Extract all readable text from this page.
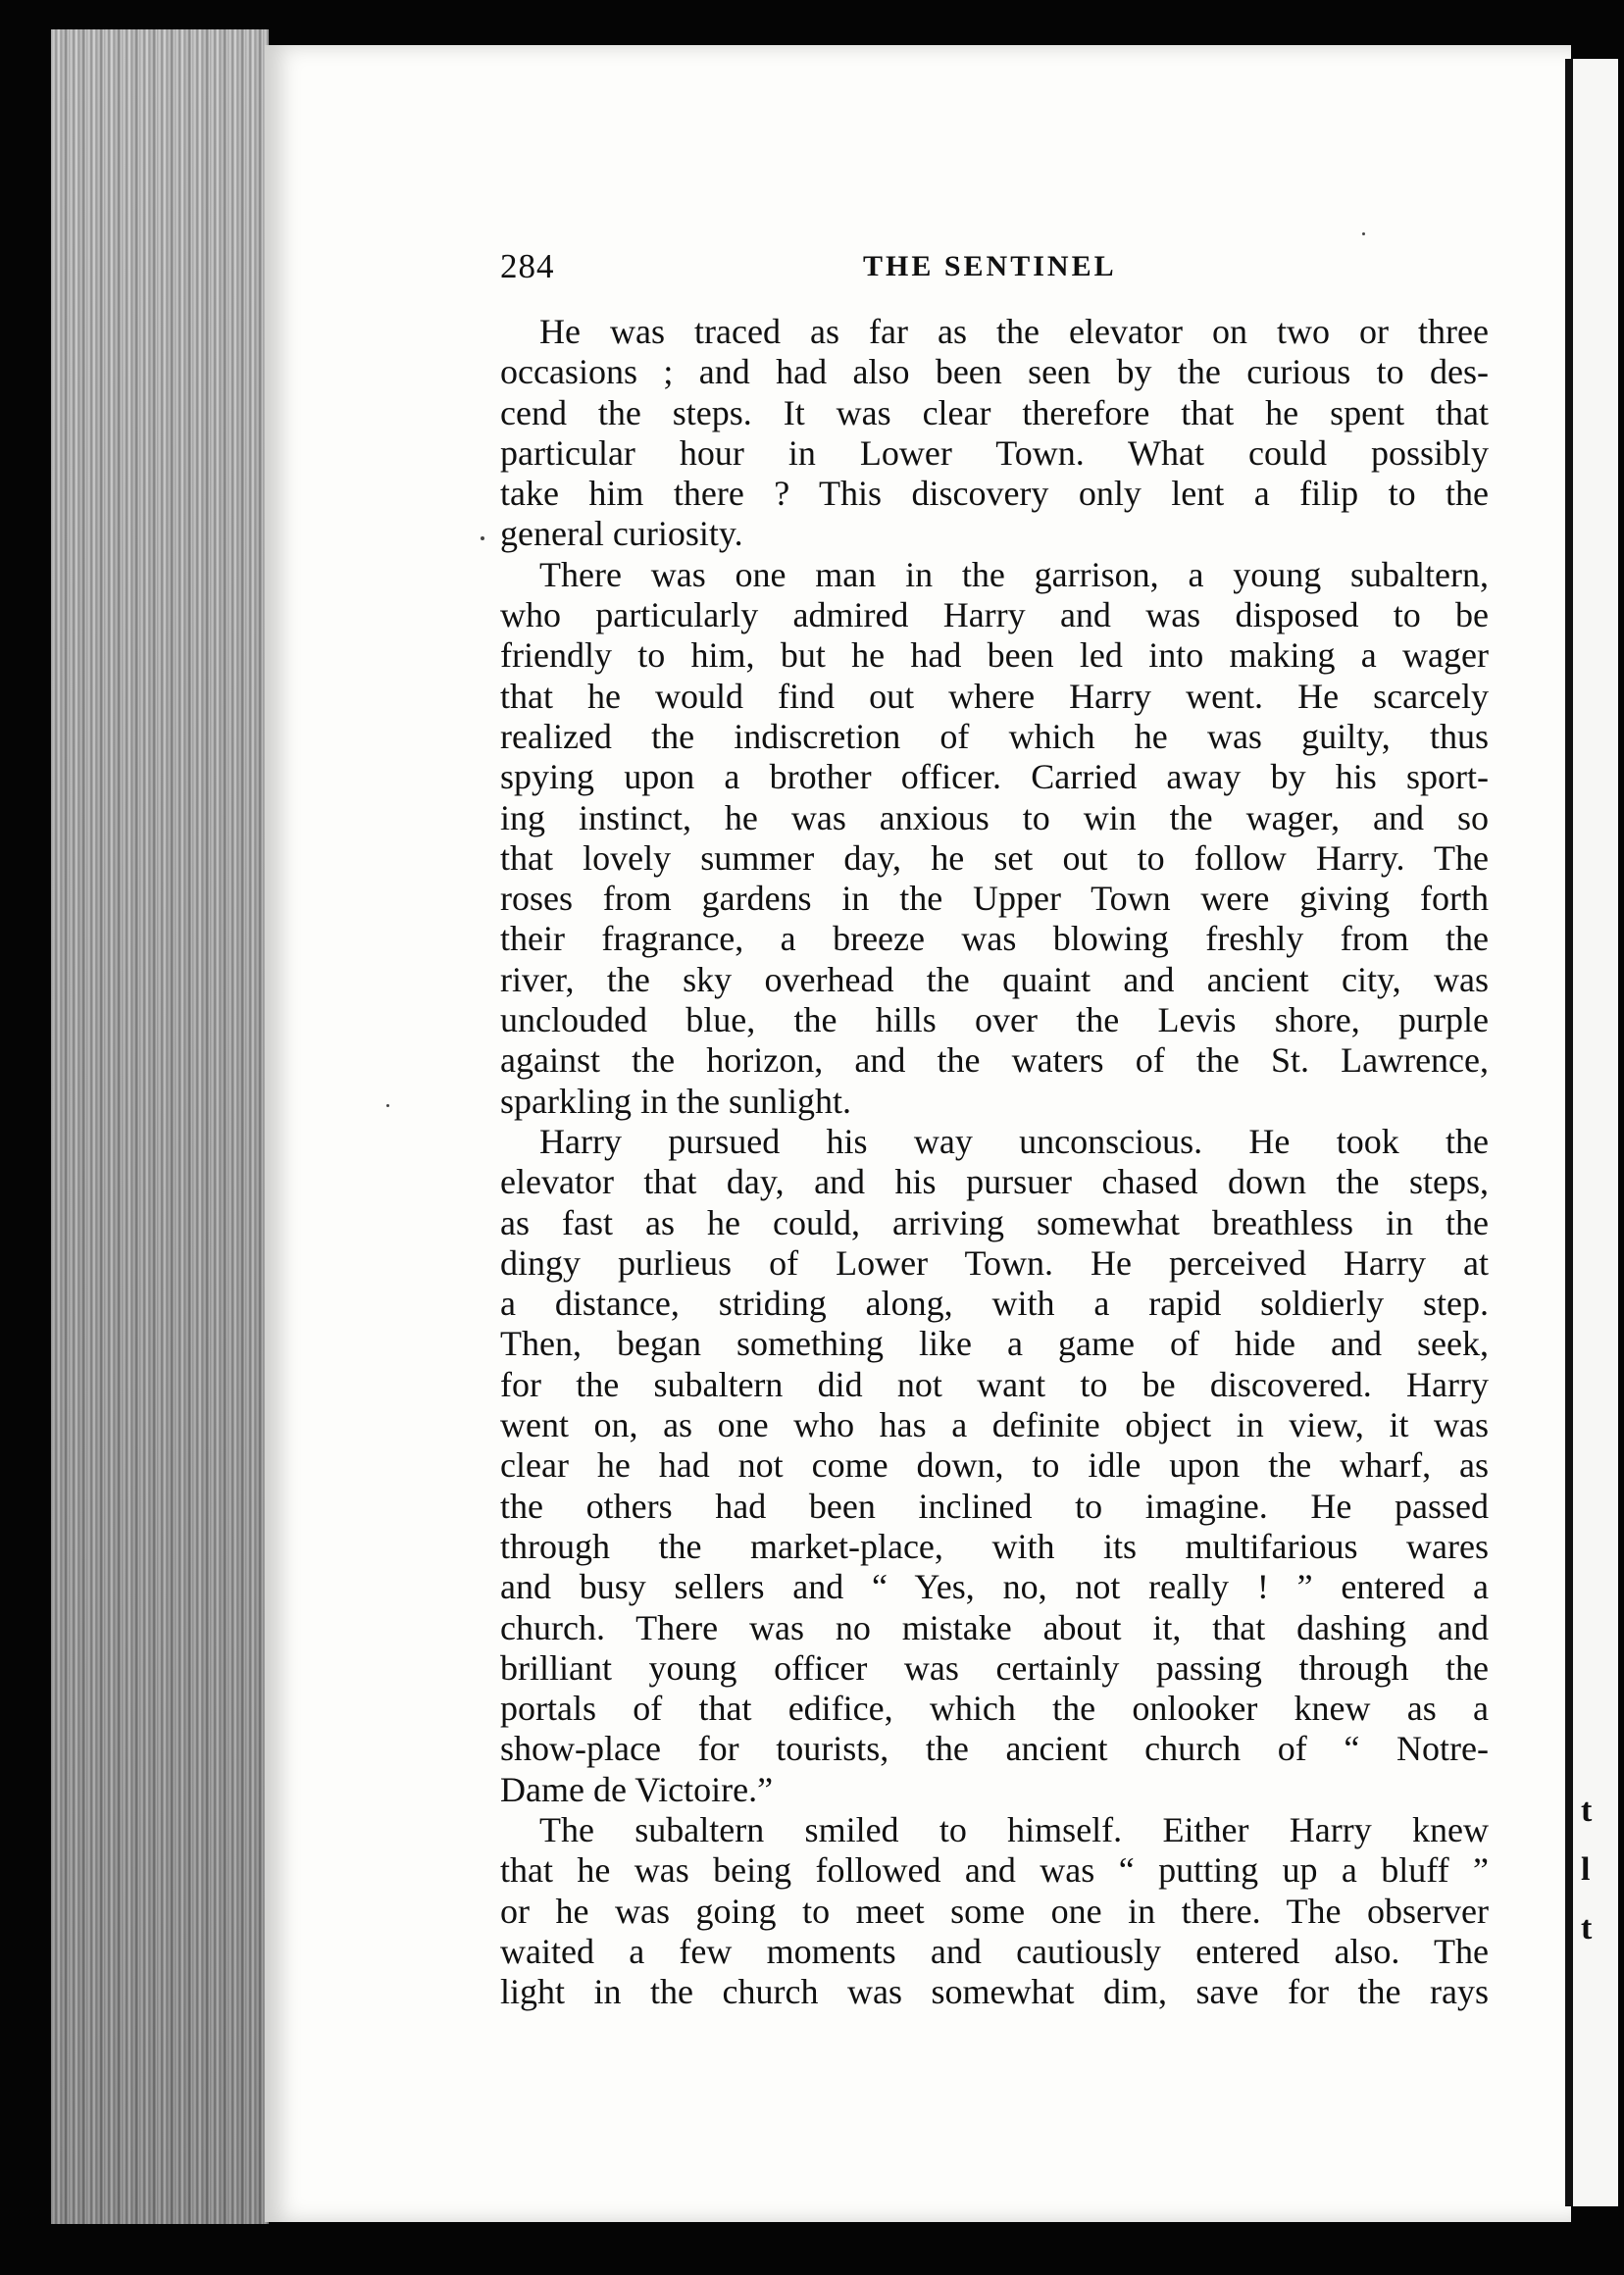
t
l
t
284	THE SENTINEL
He was traced as far as the elevator on two or three
occasions ; and had also been seen by the curious to des-
cend the steps. It was clear therefore that he spent that
particular hour in Lower Town. What could possibly
take him there ? This discovery only lent a filip to the
general curiosity.
There was one man in the garrison, a young subaltern,
who particularly admired Harry and was disposed to be
friendly to him, but he had been led into making a wager
that he would find out where Harry went. He scarcely
realized the indiscretion of which he was guilty, thus
spying upon a brother officer. Carried away by his sport-
ing instinct, he was anxious to win the wager, and so
that lovely summer day, he set out to follow Harry. The
roses from gardens in the Upper Town were giving forth
their fragrance, a breeze was blowing freshly from the
river, the sky overhead the quaint and ancient city, was
unclouded blue, the hills over the Levis shore, purple
against the horizon, and the waters of the St. Lawrence,
sparkling in the sunlight.
Harry pursued his way unconscious. He took the
elevator that day, and his pursuer chased down the steps,
as fast as he could, arriving somewhat breathless in the
dingy purlieus of Lower Town. He perceived Harry at
a distance, striding along, with a rapid soldierly step.
Then, began something like a game of hide and seek,
for the subaltern did not want to be discovered. Harry
went on, as one who has a definite object in view, it was
clear he had not come down, to idle upon the wharf, as
the others had been inclined to imagine. He passed
through the market-place, with its multifarious wares
and busy sellers and “ Yes, no, not really ! ” entered a
church. There was no mistake about it, that dashing and
brilliant young officer was certainly passing through the
portals of that edifice, which the onlooker knew as a
show-place for tourists, the ancient church of “ Notre-
Dame de Victoire.”
The subaltern smiled to himself. Either Harry knew
that he was being followed and was “ putting up a bluff ”
or he was going to meet some one in there. The observer
waited a few moments and cautiously entered also. The
light in the church was somewhat dim, save for the rays
